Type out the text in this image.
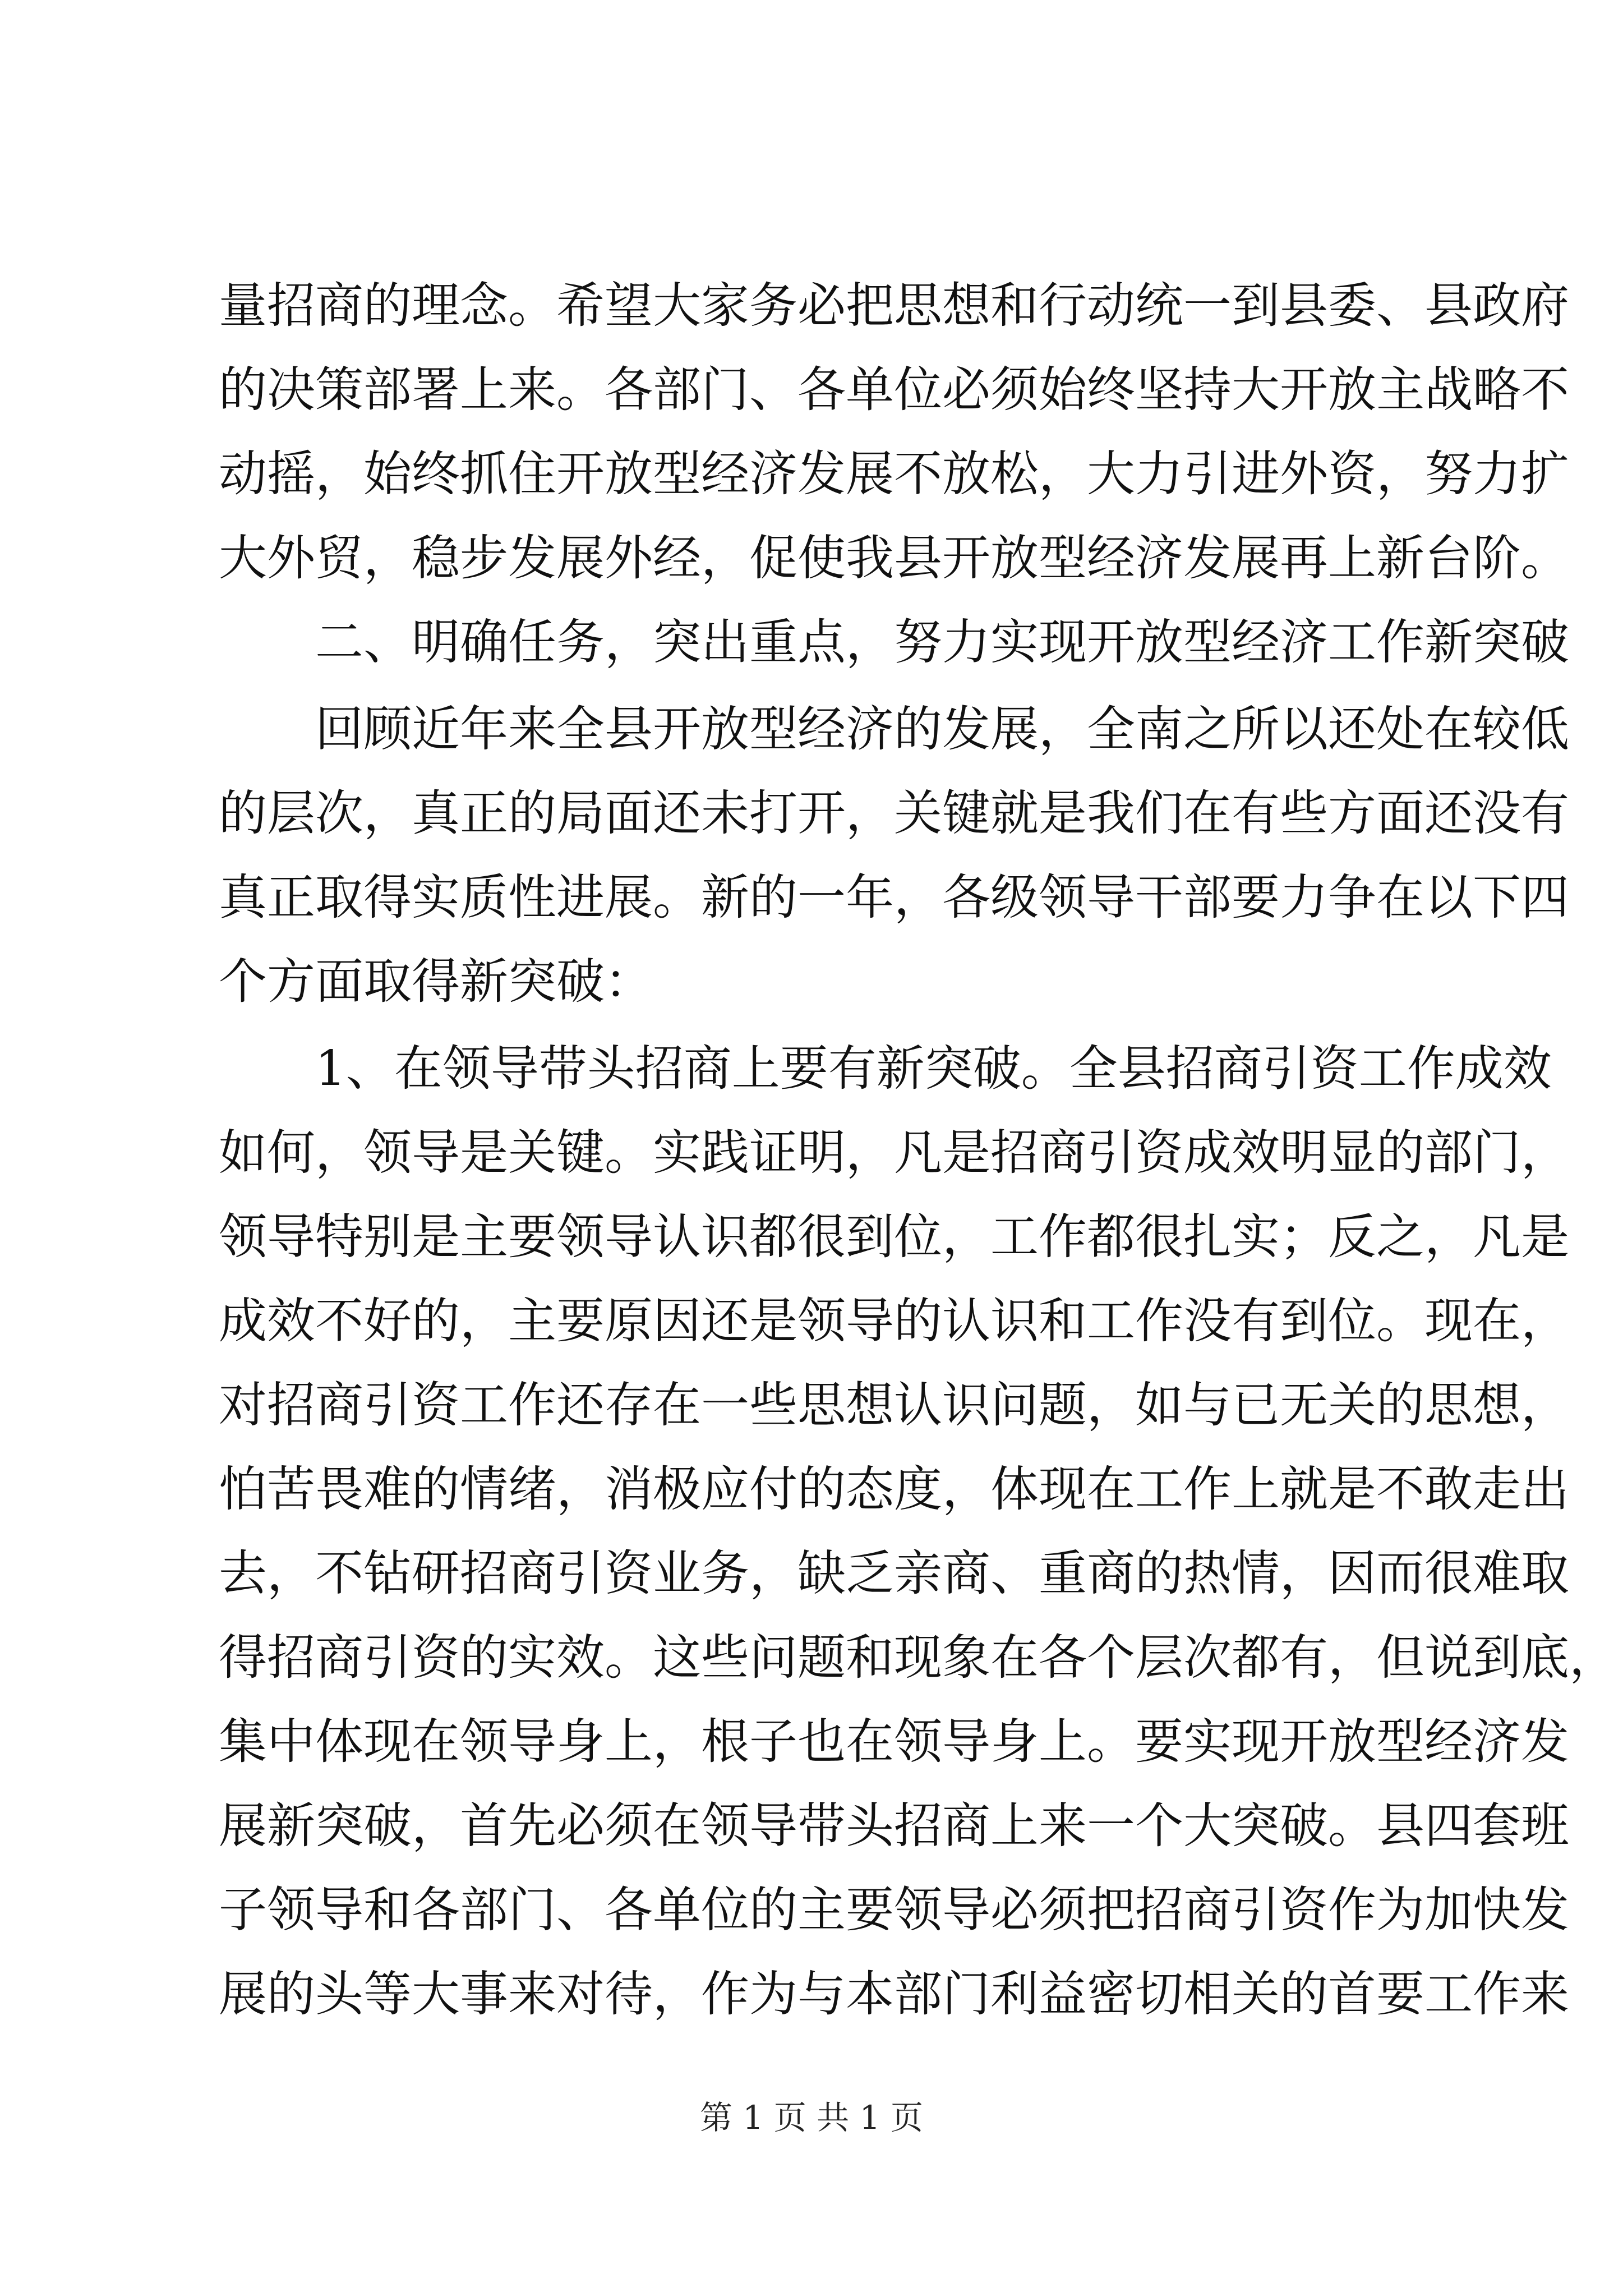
量招商的理念。希望大家务必把思想和行动统一到县委、县政府
的决策部署上来。各部门、各单位必须始终坚持大开放主战略不
动摇，始终抓住开放型经济发展不放松，大力引进外资，努力扩
大外贸，稳步发展外经，促使我县开放型经济发展再上新台阶。
二、明确任务，突出重点，努力实现开放型经济工作新突破
回顾近年来全县开放型经济的发展，全南之所以还处在较低
的层次，真正的局面还未打开，关键就是我们在有些方面还没有
真正取得实质性进展。新的一年，各级领导干部要力争在以下四
个方面取得新突破：
1、在领导带头招商上要有新突破。全县招商引资工作成效
如何，领导是关键。实践证明，凡是招商引资成效明显的部门，
领导特别是主要领导认识都很到位，工作都很扎实；反之，凡是
成效不好的，主要原因还是领导的认识和工作没有到位。现在，
对招商引资工作还存在一些思想认识问题，如与已无关的思想，
怕苦畏难的情绪，消极应付的态度，体现在工作上就是不敢走出
去，不钻研招商引资业务，缺乏亲商、重商的热情，因而很难取
得招商引资的实效。这些问题和现象在各个层次都有，但说到底，
集中体现在领导身上，根子也在领导身上。要实现开放型经济发
展新突破，首先必须在领导带头招商上来一个大突破。县四套班
子领导和各部门、各单位的主要领导必须把招商引资作为加快发
展的头等大事来对待，作为与本部门利益密切相关的首要工作来
第 1 页 共 1 页
